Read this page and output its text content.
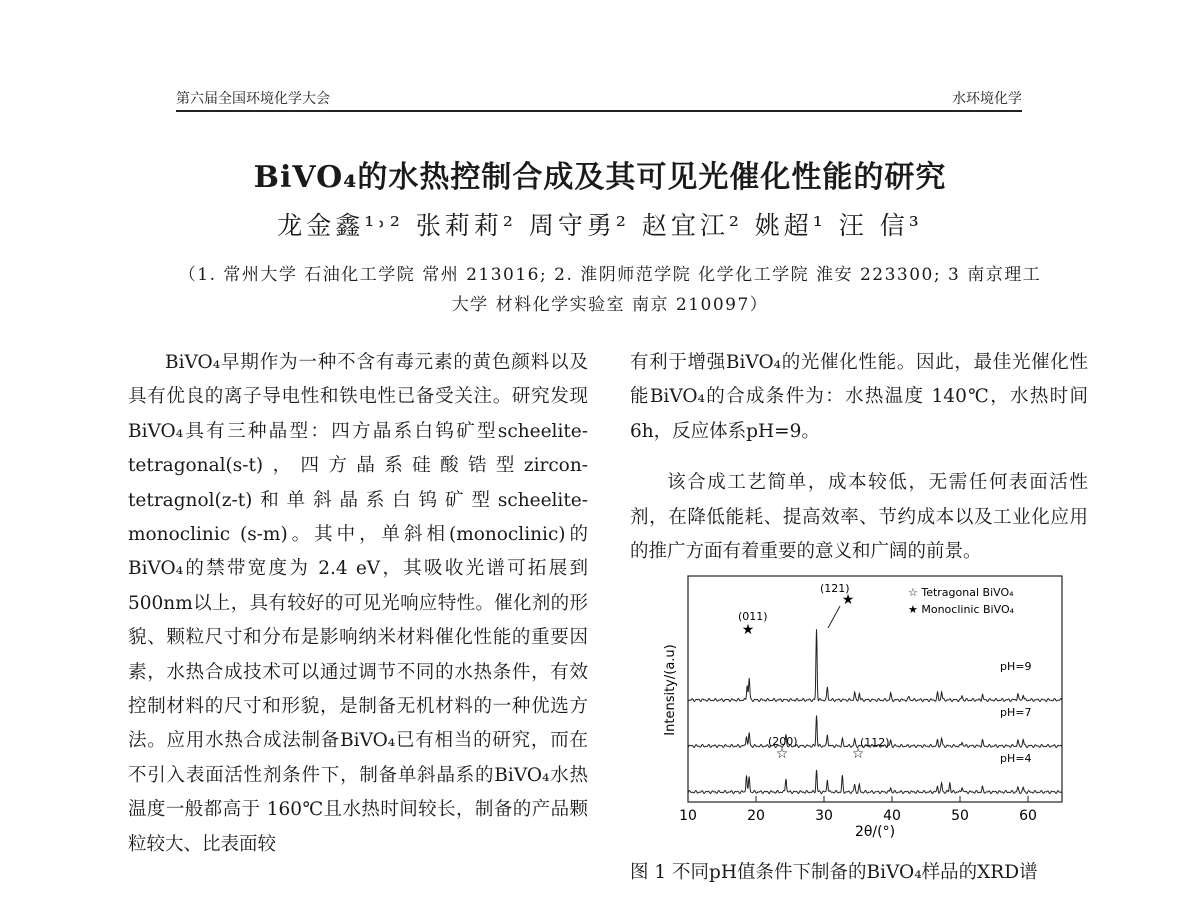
第六届全国环境化学大会	水环境化学
BiVO₄的水热控制合成及其可见光催化性能的研究
龙金鑫¹˒² 张莉莉² 周守勇² 赵宜江² 姚超¹ 汪 信³
（1. 常州大学 石油化工学院 常州 213016; 2. 淮阴师范学院 化学化工学院 淮安 223300; 3 南京理工
大学 材料化学实验室 南京 210097）

BiVO₄早期作为一种不含有毒元素的黄色颜料以及具有优良的离子导电性和铁电性已备受关注。研究发现BiVO₄具有三种晶型：四方晶系白钨矿型scheelite-tetragonal(s-t)，四方晶系硅酸锆型zircon-tetragnol(z-t)和单斜晶系白钨矿型scheelite-monoclinic (s-m)。其中，单斜相(monoclinic)的BiVO₄的禁带宽度为 2.4 eV，其吸收光谱可拓展到500nm以上，具有较好的可见光响应特性。催化剂的形貌、颗粒尺寸和分布是影响纳米材料催化性能的重要因素，水热合成技术可以通过调节不同的水热条件，有效控制材料的尺寸和形貌，是制备无机材料的一种优选方法。应用水热合成法制备BiVO₄已有相当的研究，而在不引入表面活性剂条件下，制备单斜晶系的BiVO₄水热温度一般都高于 160℃且水热时间较长，制备的产品颗粒较大、比表面较

有利于增强BiVO₄的光催化性能。因此，最佳光催化性能BiVO₄的合成条件为：水热温度 140℃，水热时间 6h，反应体系pH=9。

该合成工艺简单，成本较低，无需任何表面活性剂，在降低能耗、提高效率、节约成本以及工业化应用的推广方面有着重要的意义和广阔的前景。

10	20	30	40	50	60
pH=9
pH=7
pH=4
(011)
★
(121)
★
(200)
☆
(112)
☆
Intensity/(a.u)
2θ/(°)
☆ Tetragonal BiVO₄
★ Monoclinic BiVO₄
图 1 不同pH值条件下制备的BiVO₄样品的XRD谱
